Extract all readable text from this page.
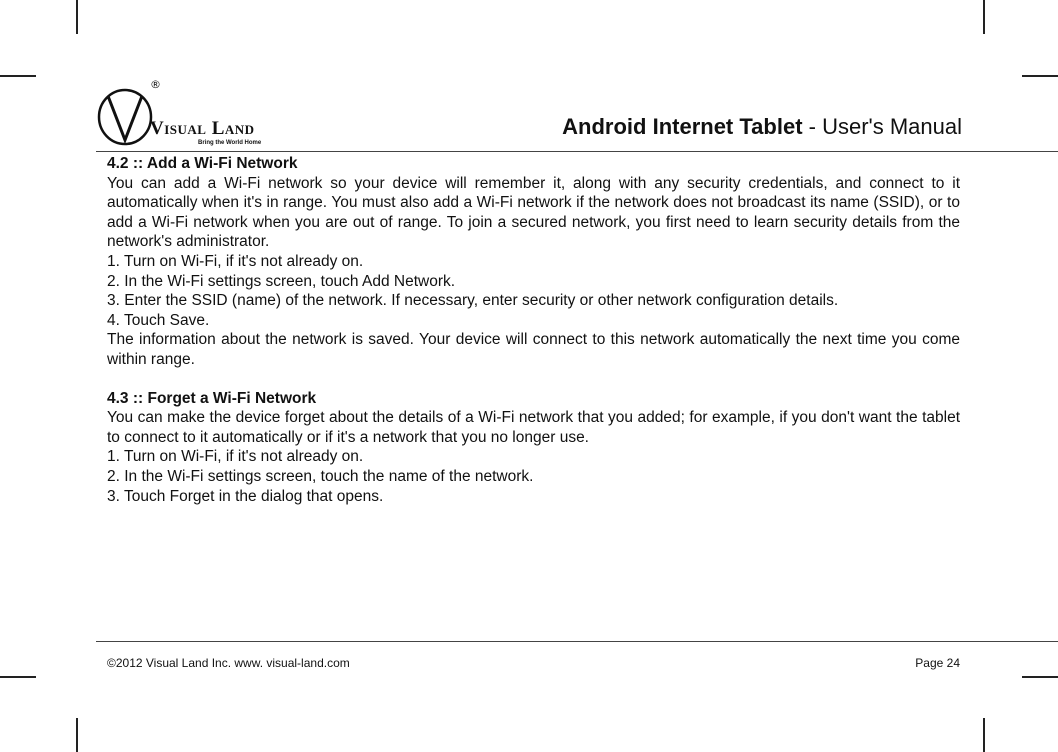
®
Visual Land
Bring the World Home
Android Internet Tablet - User's Manual

4.2 :: Add a Wi-Fi Network

You can add a Wi-Fi network so your device will remember it, along with any security credentials, and connect to it automatically when it's in range. You must also add a Wi-Fi network if the network does not broadcast its name (SSID), or to add a Wi-Fi network when you are out of range. To join a secured network, you first need to learn security details from the network's administrator.

1. Turn on Wi-Fi, if it's not already on.

2. In the Wi-Fi settings screen, touch Add Network.

3. Enter the SSID (name) of the network. If necessary, enter security or other network configuration details.

4. Touch Save.

The information about the network is saved. Your device will connect to this network automatically the next time you come within range.

4.3 :: Forget a Wi-Fi Network

You can make the device forget about the details of a Wi-Fi network that you added; for example, if you don't want the tablet to connect to it automatically or if it's a network that you no longer use.

1. Turn on Wi-Fi, if it's not already on.

2. In the Wi-Fi settings screen, touch the name of the network.

3. Touch Forget in the dialog that opens.

©2012 Visual Land Inc. www. visual-land.com	Page 24
